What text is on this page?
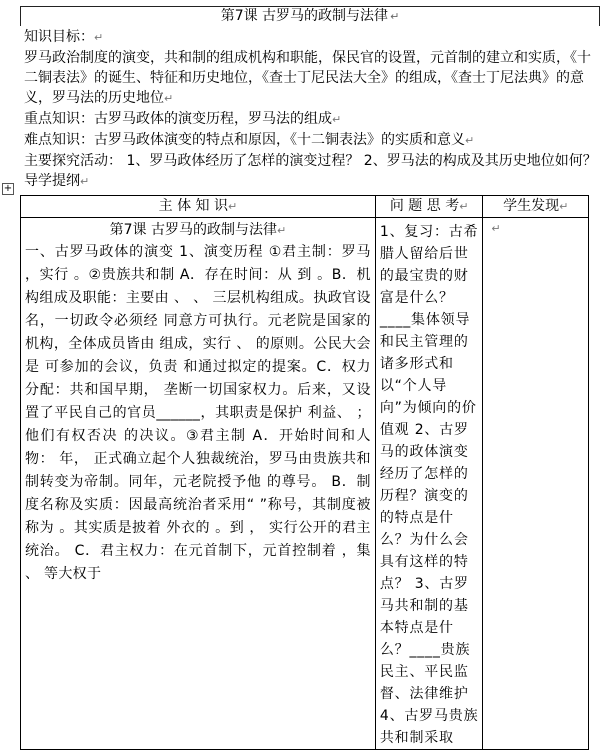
第7课 古罗马的政制与法律 ↵
知识目标：↵
罗马政治制度的演变，共和制的组成机构和职能，保民官的设置，元首制的建立和实质，《十二铜表法》的诞生、特征和历史地位，《查士丁尼民法大全》的组成，《查士丁尼法典》的意义，罗马法的历史地位↵
重点知识：古罗马政体的演变历程，罗马法的组成↵
难点知识：古罗马政体演变的特点和原因，《十二铜表法》的实质和意义↵
主要探究活动： 1、罗马政体经历了怎样的演变过程？ 2、罗马法的构成及其历史地位如何？
导学提纲↵
+
主 体 知 识↵	问 题 思 考↵	学生发现↵

第7课 古罗马的政制与法律↵
一、古罗马政体的演变 1、演变历程 ①君主制：罗马 ，实行 。②贵族共和制 A．存在时间：从 到 。B．机构组成及职能：主要由 、 、 三层机构组成。执政官设 名，一切政令必须经 同意方可执行。元老院是国家的 机构，全体成员皆由 组成，实行 、 的原则。公民大会是 可参加的会议，负责 和通过拟定的提案。C．权力分配：共和国早期， 垄断一切国家权力。后来，又设置了平民自己的官员______，其职责是保护 利益、 ；他们有权否决 的决议。③君主制 A．开始时间和人物： 年， 正式确立起个人独裁统治，罗马由贵族共和制转变为帝制。同年，元老院授予他 的尊号。 B．制度名称及实质：因最高统治者采用“ ”称号，其制度被称为 。其实质是披着 外衣的 。到 ， 实行公开的君主统治。 C．君主权力：在元首制下，元首控制着 ，集 、 等大权于	1、复习：古希腊人留给后世的最宝贵的财富是什么？____集体领导和民主管理的诸多形式和以“个人导向”为倾向的价值观 2、古罗马的政体演变经历了怎样的历程？演变的的特点是什么？为什么会具有这样的特点？ 3、古罗马共和制的基本特点是什么？____贵族民主、平民监督、法律维护 4、古罗马贵族共和制采取	↵
